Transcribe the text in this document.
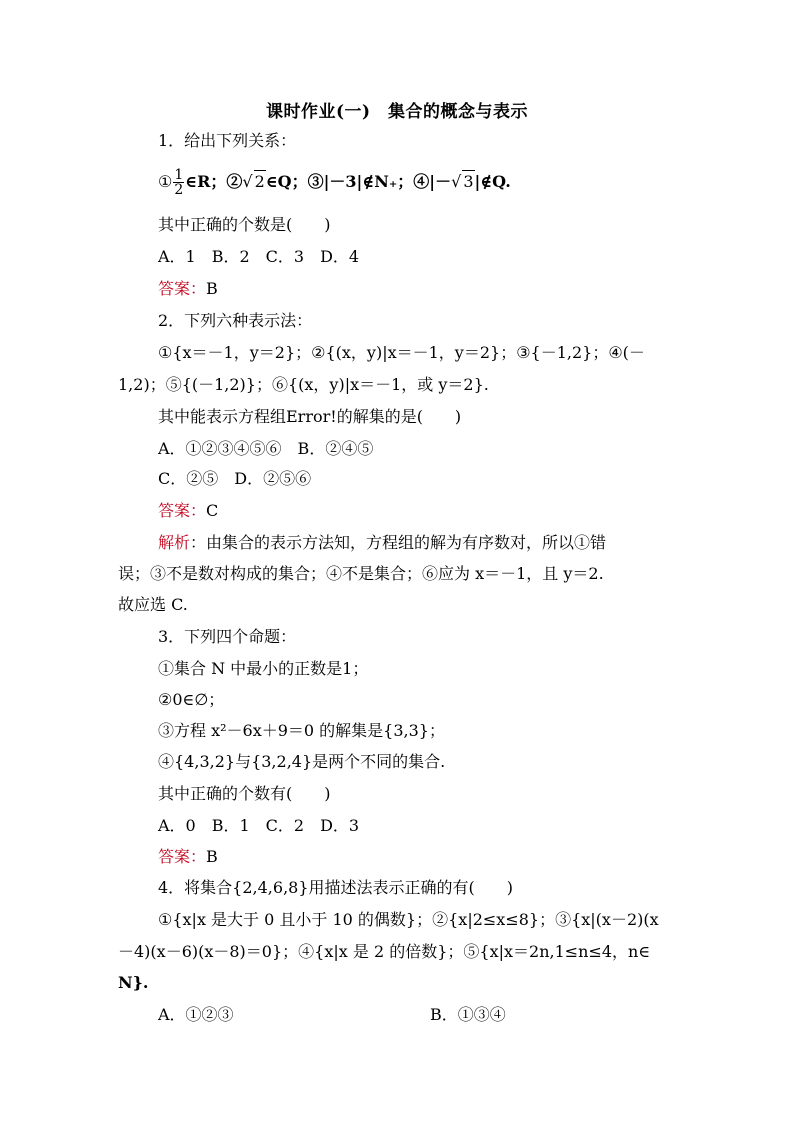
课时作业(一)　集合的概念与表示
1．给出下列关系：
① $\frac{1}{2}$ ∈R；②√ 2∈Q；③|－3|∉N₊；④|－√ 3|∉Q.
其中正确的个数是(　　)
A．1　B．2　C．3　D．4
答案：B
2．下列六种表示法：
①{x＝－1，y＝2}；②{(x，y)|x＝－1，y＝2}；③{－1,2}；④(－
1,2)；⑤{(－1,2)}；⑥{(x，y)|x＝－1，或 y＝2}.
其中能表示方程组Error!的解集的是(　　)
A．①②③④⑤⑥　B．②④⑤
C．②⑤　D．②⑤⑥
答案：C
解析：由集合的表示方法知，方程组的解为有序数对，所以①错
误；③不是数对构成的集合；④不是集合；⑥应为 x＝－1，且 y＝2.
故应选 C.
3．下列四个命题：
①集合 N 中最小的正数是1；
②0∈∅；
③方程 x²－6x＋9＝0 的解集是{3,3}；
④{4,3,2}与{3,2,4}是两个不同的集合.
其中正确的个数有(　　)
A．0　B．1　C．2　D．3
答案：B
4．将集合{2,4,6,8}用描述法表示正确的有(　　)
①{x|x 是大于 0 且小于 10 的偶数}；②{x|2≤x≤8}；③{x|(x－2)(x
－4)(x－6)(x－8)＝0}；④{x|x 是 2 的倍数}；⑤{x|x＝2n,1≤n≤4，n∈
N}.
A．①②③	B．①③④
